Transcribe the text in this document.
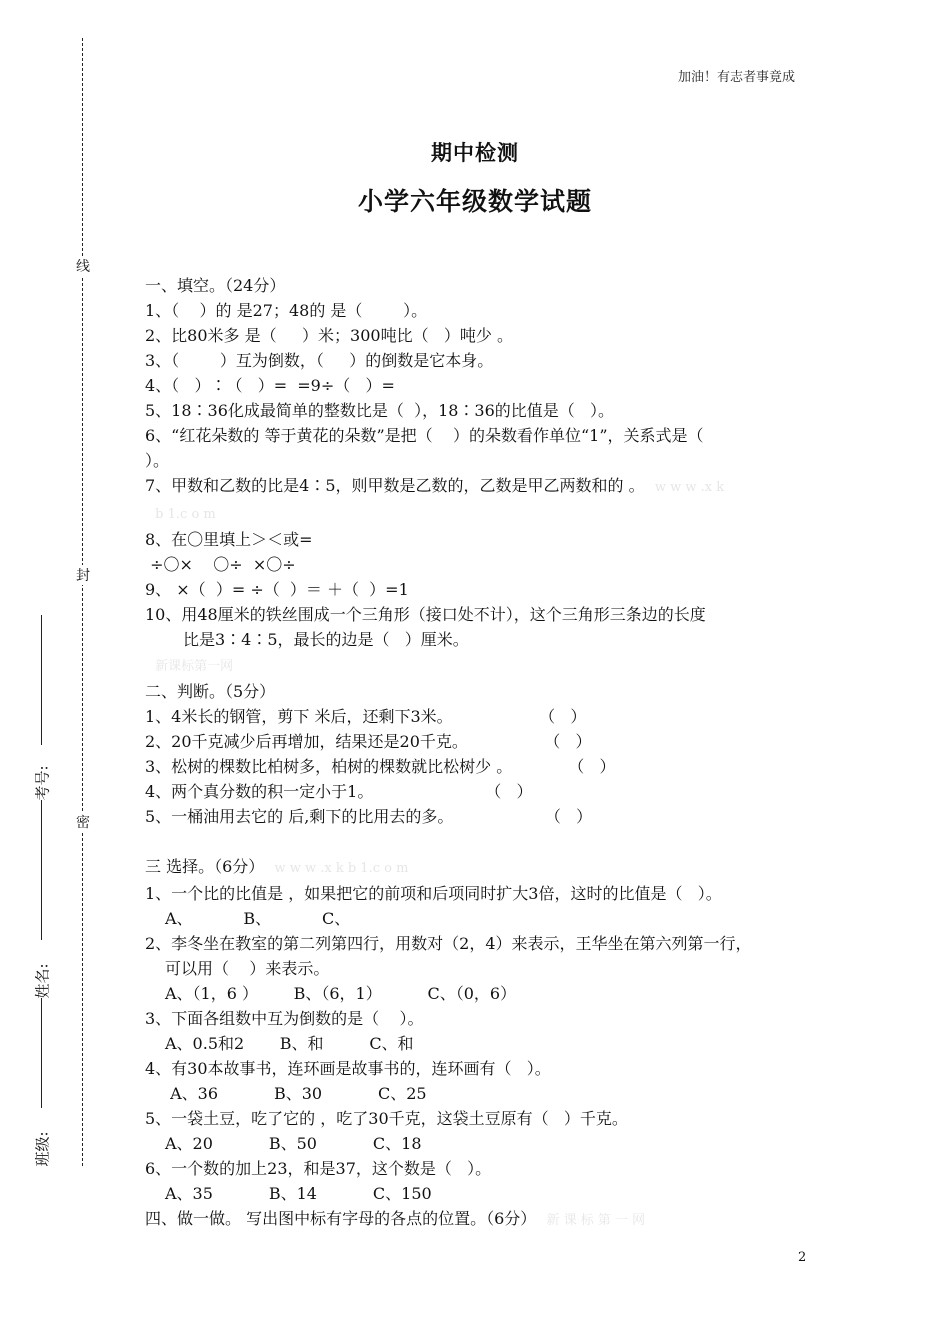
加油！有志者事竟成
线
封
密
考号:
姓名:
班级:
期中检测
小学六年级数学试题
一、填空。（24分）
1、（    ）的 是27；48的 是（        ）。
2、比80米多 是（     ）米；300吨比（   ）吨少 。
3、（        ）互为倒数，（     ）的倒数是它本身。
4、（   ）∶（   ）=  =9÷（   ）=
5、18∶36化成最简单的整数比是（  ），18∶36的比值是（   ）。
6、“红花朵数的 等于黄花的朵数”是把（    ）的朵数看作单位“1”，关系式是（
）。
7、甲数和乙数的比是4∶5，则甲数是乙数的，乙数是甲乙两数和的 。 w w w .x k
b 1.c o m
8、在〇里填上＞＜或=
÷〇×    〇÷  ×〇÷
9、 ×（  ）= ÷（  ）＝ ＋（  ）=1
10、用48厘米的铁丝围成一个三角形（接口处不计），这个三角形三条边的长度
比是3∶4∶5，最长的边是（   ）厘米。
新课标第一网
二、判断。（5分）
1、4米长的钢管，剪下 米后，还剩下3米。                 （   ）
2、20千克减少后再增加，结果还是20千克。               （   ）
3、松树的棵数比柏树多，柏树的棵数就比松树少 。           （   ）
4、两个真分数的积一定小于1。                      （   ）
5、一桶油用去它的 后,剩下的比用去的多。                  （   ）

三 选择。（6分） w w w .x k b 1.c o m
1、一个比的比值是 ，如果把它的前项和后项同时扩大3倍，这时的比值是（   ）。
A、          B、          C、
2、李冬坐在教室的第二列第四行，用数对（2，4）来表示，王华坐在第六列第一行，
可以用（    ）来表示。
A、（1，6 ）       B、（6，1）         C、（0，6）
3、下面各组数中互为倒数的是（    ）。
A、0.5和2       B、和         C、和
4、有30本故事书，连环画是故事书的，连环画有（   ）。
A、36           B、30           C、25
5、一袋土豆，吃了它的 ，吃了30千克，这袋土豆原有（   ）千克。
A、20           B、50           C、18
6、一个数的加上23，和是37，这个数是（   ）。
A、35           B、14           C、150
四、做一做。 写出图中标有字母的各点的位置。（6分） 新 课 标 第 一 网
2
